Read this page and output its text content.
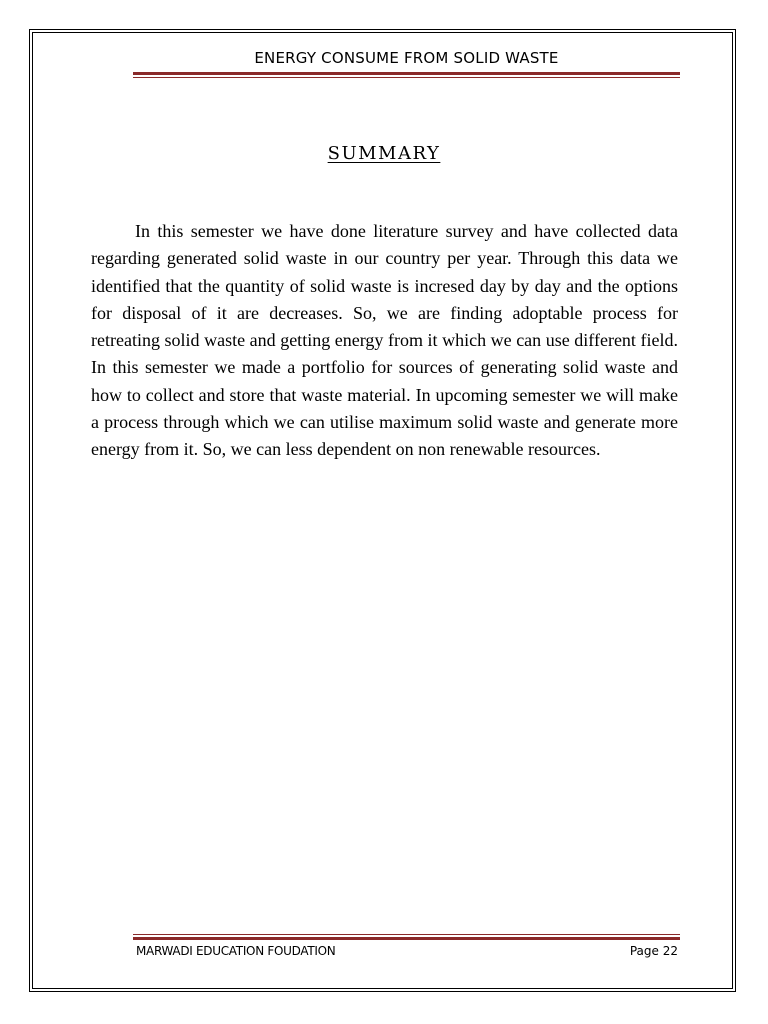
ENERGY CONSUME FROM SOLID WASTE
SUMMARY

In this semester we have done literature survey and have collected data regarding generated solid waste in our country per year. Through this data we identified that the quantity of solid waste is incresed day by day and the options for disposal of it are decreases. So, we are finding adoptable process for retreating solid waste and getting energy from it which we can use different field. In this semester we made a portfolio for sources of generating solid waste and how to collect and store that waste material. In upcoming semester we will make a process through which we can utilise maximum solid waste and generate more energy from it. So, we can less dependent on non renewable resources.

MARWADI EDUCATION FOUDATION	Page 22
